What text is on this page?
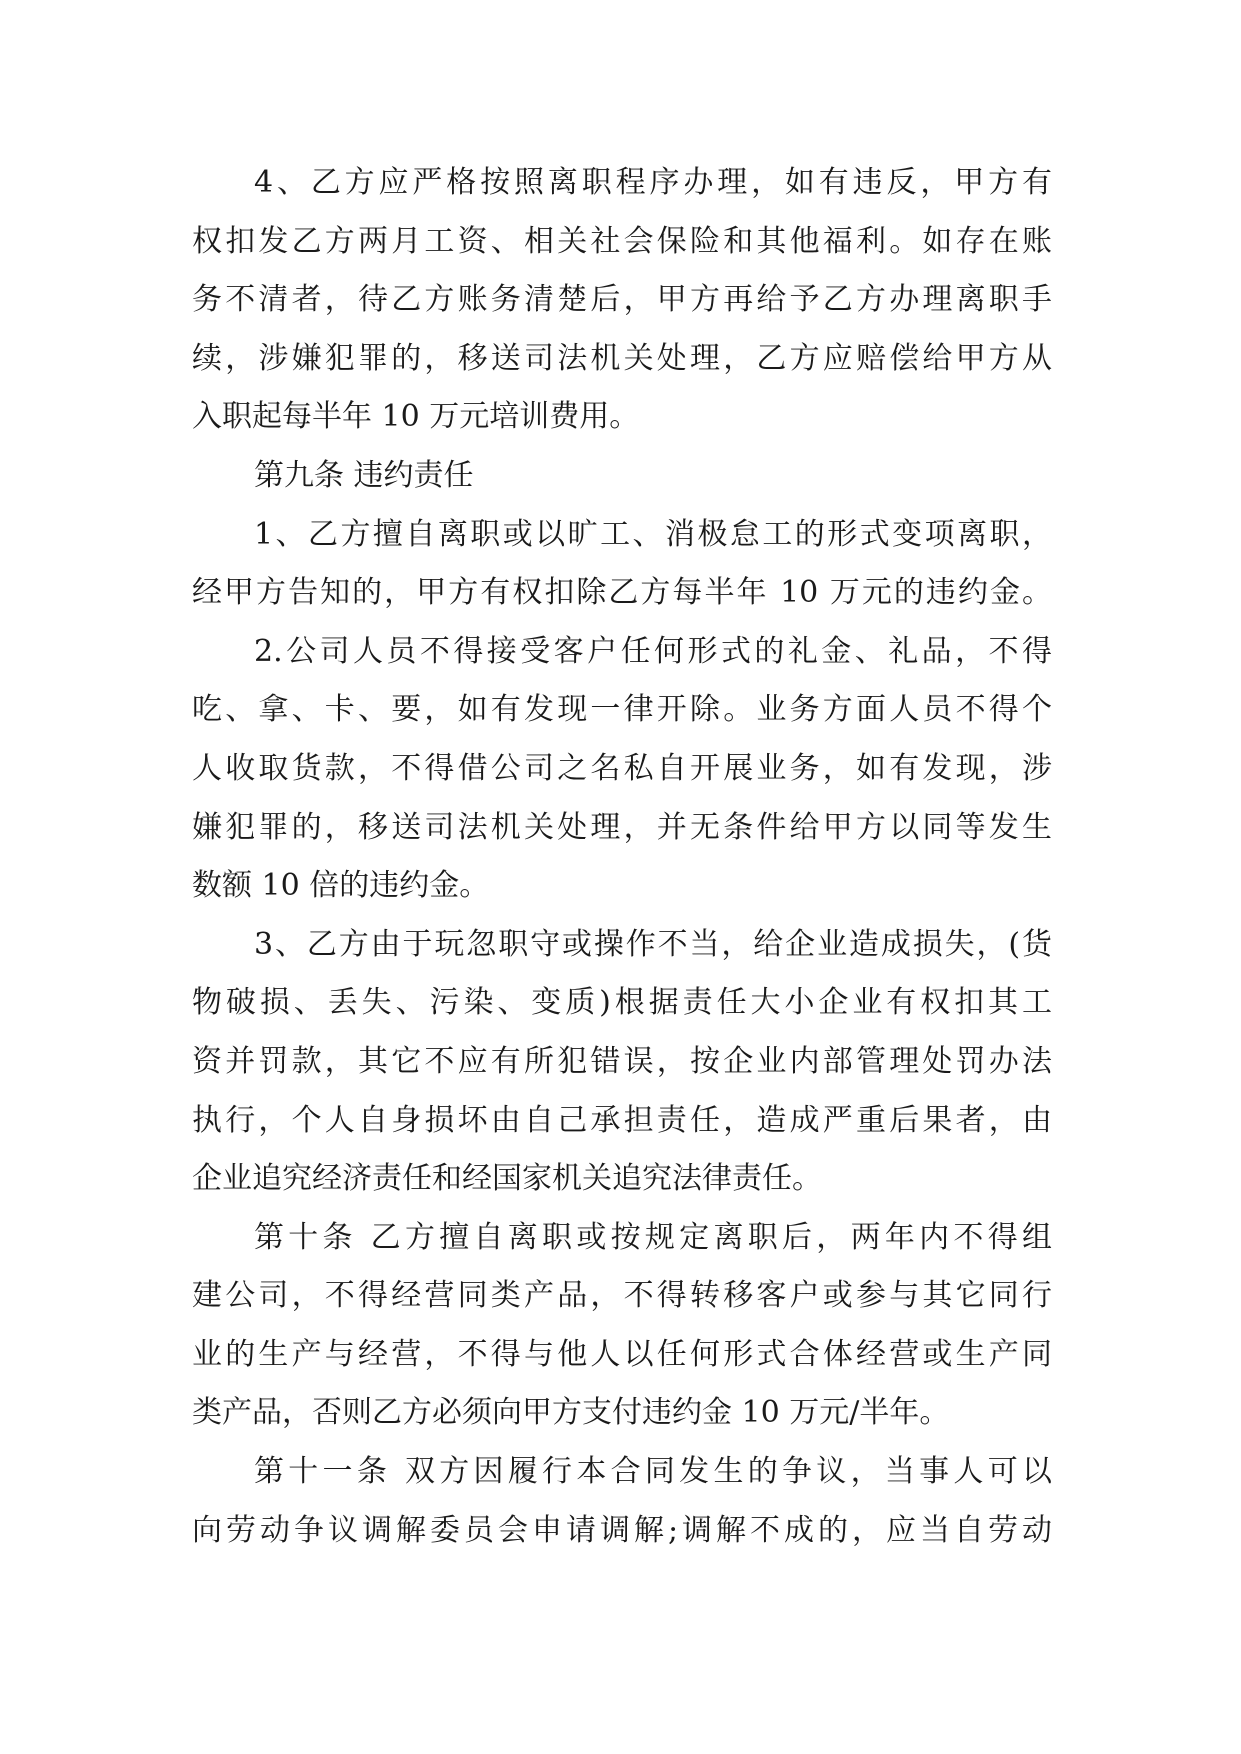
4、乙方应严格按照离职程序办理，如有违反，甲方有
权扣发乙方两月工资、相关社会保险和其他福利。如存在账
务不清者，待乙方账务清楚后，甲方再给予乙方办理离职手
续，涉嫌犯罪的，移送司法机关处理，乙方应赔偿给甲方从
入职起每半年 10 万元培训费用。
第九条 违约责任
1、乙方擅自离职或以旷工、消极怠工的形式变项离职，
经甲方告知的，甲方有权扣除乙方每半年 10 万元的违约金。
2.公司人员不得接受客户任何形式的礼金、礼品，不得
吃、拿、卡、要，如有发现一律开除。业务方面人员不得个
人收取货款，不得借公司之名私自开展业务，如有发现，涉
嫌犯罪的，移送司法机关处理，并无条件给甲方以同等发生
数额 10 倍的违约金。
3、乙方由于玩忽职守或操作不当，给企业造成损失，(货
物破损、丢失、污染、变质)根据责任大小企业有权扣其工
资并罚款，其它不应有所犯错误，按企业内部管理处罚办法
执行，个人自身损坏由自己承担责任，造成严重后果者，由
企业追究经济责任和经国家机关追究法律责任。
第十条 乙方擅自离职或按规定离职后，两年内不得组
建公司，不得经营同类产品，不得转移客户或参与其它同行
业的生产与经营，不得与他人以任何形式合体经营或生产同
类产品，否则乙方必须向甲方支付违约金 10 万元/半年。
第十一条 双方因履行本合同发生的争议，当事人可以
向劳动争议调解委员会申请调解;调解不成的，应当自劳动
